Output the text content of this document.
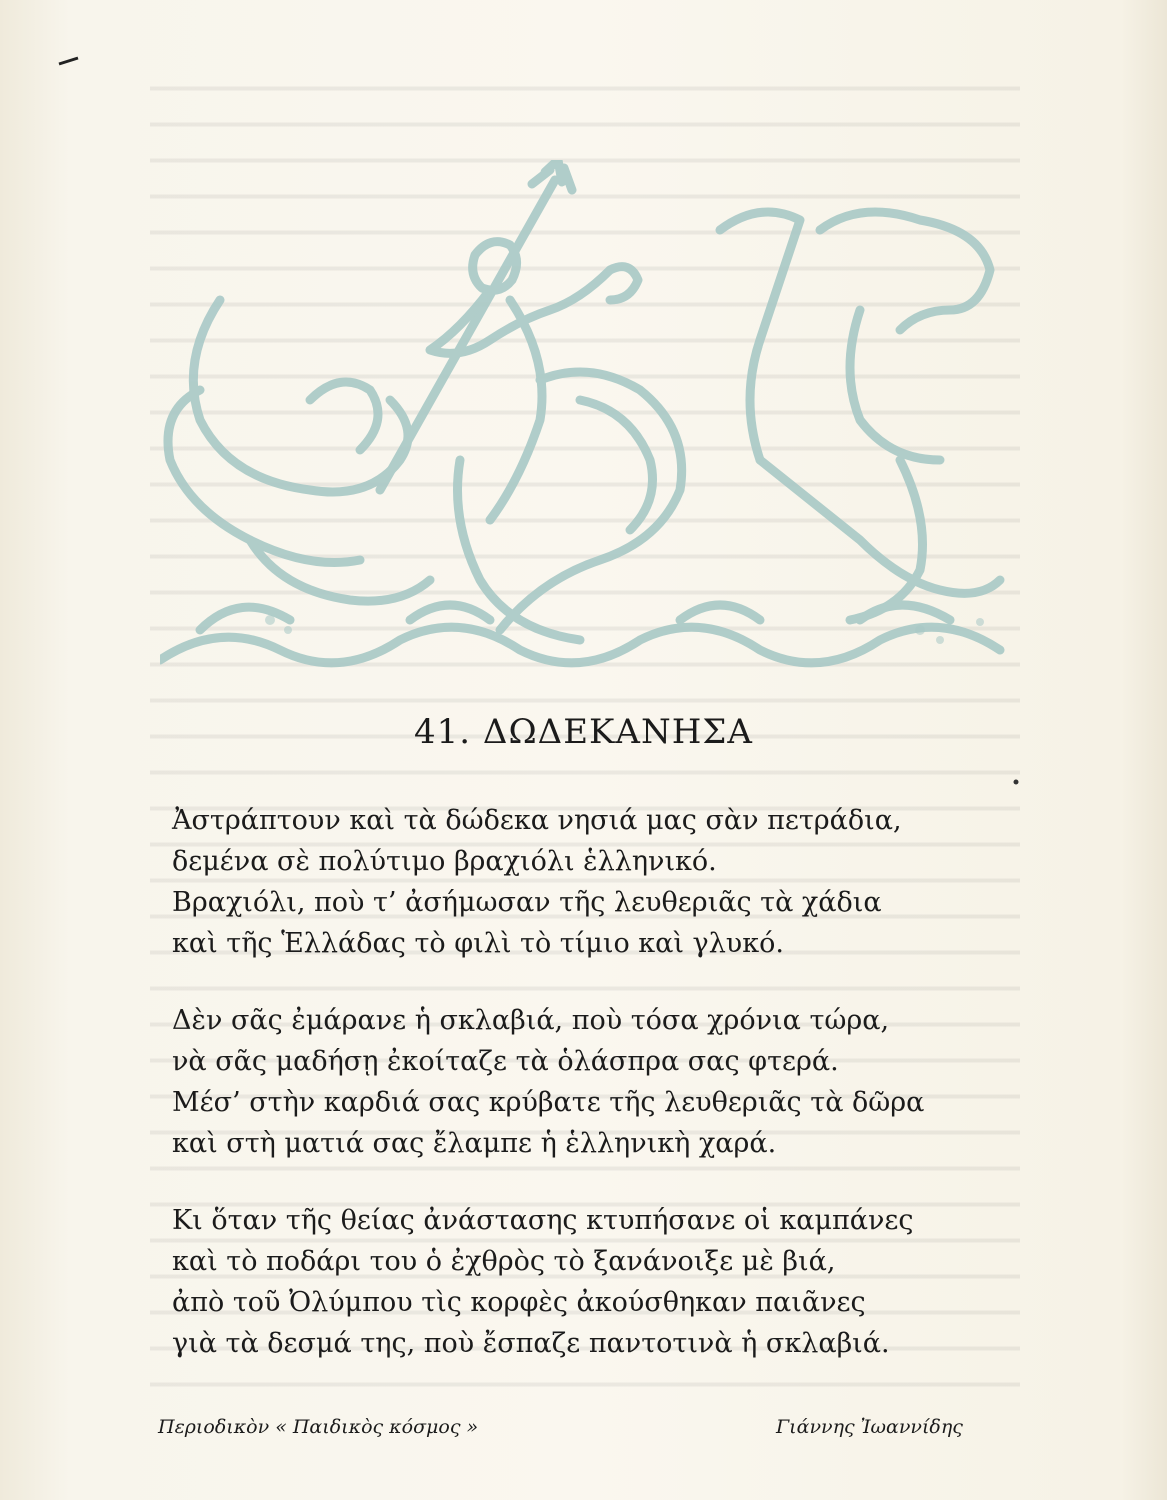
41. ΔΩΔΕΚΑΝΗΣΑ
Ἀστράπτουν καὶ τὰ δώδεκα νησιά μας σὰν πετράδια,
δεμένα σὲ πολύτιμο βραχιόλι ἑλληνικό.
Βραχιόλι, ποὺ τ’ ἀσήμωσαν τῆς λευθεριᾶς τὰ χάδια
καὶ τῆς Ἑλλάδας τὸ φιλὶ τὸ τίμιο καὶ γλυκό.
Δὲν σᾶς ἐμάρανε ἡ σκλαβιά, ποὺ τόσα χρόνια τώρα,
νὰ σᾶς μαδήσῃ ἐκοίταζε τὰ ὁλάσπρα σας φτερά.
Μέσ’ στὴν καρδιά σας κρύβατε τῆς λευθεριᾶς τὰ δῶρα
καὶ στὴ ματιά σας ἔλαμπε ἡ ἑλληνικὴ χαρά.
Κι ὅταν τῆς θείας ἀνάστασης κτυπήσανε οἱ καμπάνες
καὶ τὸ ποδάρι του ὁ ἐχθρὸς τὸ ξανάνοιξε μὲ βιά,
ἀπὸ τοῦ Ὀλύμπου τὶς κορφὲς ἀκούσθηκαν παιᾶνες
γιὰ τὰ δεσμά της, ποὺ ἔσπαζε παντοτινὰ ἡ σκλαβιά.
Περιοδικὸν « Παιδικὸς κόσμος »	Γιάννης Ἰωαννίδης
